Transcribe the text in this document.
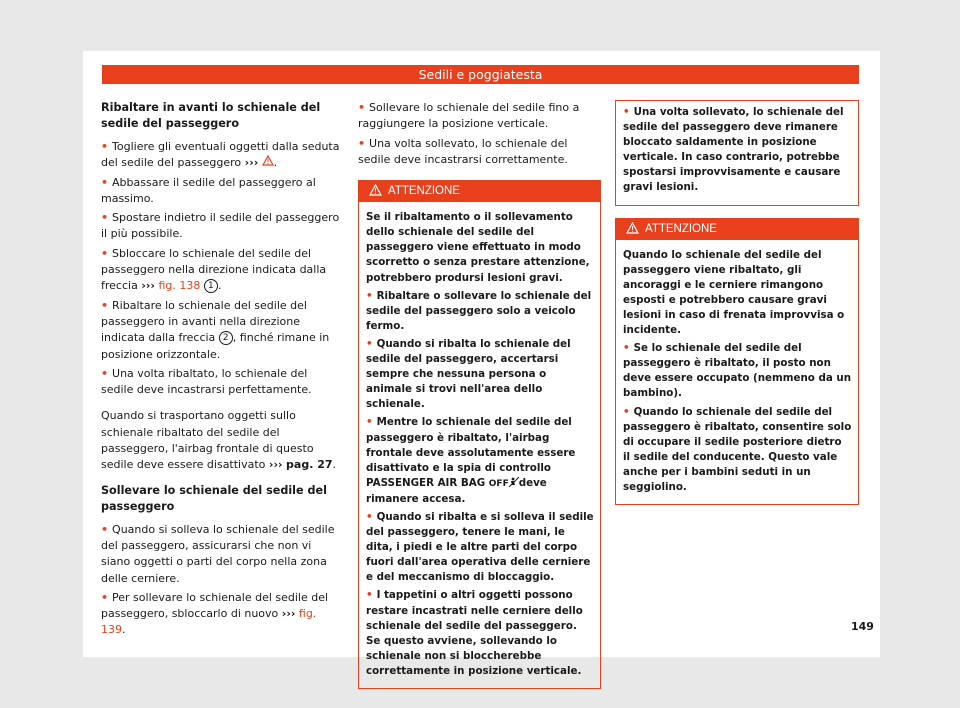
Sedili e poggiatesta
Ribaltare in avanti lo schienale del sedile del passeggero
• Togliere gli eventuali oggetti dalla seduta del sedile del passeggero ››› .
• Abbassare il sedile del passeggero al massimo.
• Spostare indietro il sedile del passeggero il più possibile.
• Sbloccare lo schienale del sedile del passeggero nella direzione indicata dalla freccia ››› fig. 138 1 .
• Ribaltare lo schienale del sedile del passeggero in avanti nella direzione indicata dalla freccia 2 , finché rimane in posizione orizzontale.
• Una volta ribaltato, lo schienale del sedile deve incastrarsi perfettamente.
Quando si trasportano oggetti sullo schienale ribaltato del sedile del passeggero, l'airbag frontale di questo sedile deve essere disattivato ››› pag. 27.
Sollevare lo schienale del sedile del passeggero
• Quando si solleva lo schienale del sedile del passeggero, assicurarsi che non vi siano oggetti o parti del corpo nella zona delle cerniere.
• Per sollevare lo schienale del sedile del passeggero, sbloccarlo di nuovo ››› fig. 139.
• Sollevare lo schienale del sedile fino a raggiungere la posizione verticale.
• Una volta sollevato, lo schienale del sedile deve incastrarsi correttamente.
ATTENZIONE
Se il ribaltamento o il sollevamento dello schienale del sedile del passeggero viene effettuato in modo scorretto o senza prestare attenzione, potrebbero prodursi lesioni gravi.
• Ribaltare o sollevare lo schienale del sedile del passeggero solo a veicolo fermo.
• Quando si ribalta lo schienale del sedile del passeggero, accertarsi sempre che nessuna persona o animale si trovi nell'area dello schienale.
• Mentre lo schienale del sedile del passeggero è ribaltato, l'airbag frontale deve assolutamente essere disattivato e la spia di controllo PASSENGER AIR BAG OFF deve rimanere accesa.
• Quando si ribalta e si solleva il sedile del passeggero, tenere le mani, le dita, i piedi e le altre parti del corpo fuori dall'area operativa delle cerniere e del meccanismo di bloccaggio.
• I tappetini o altri oggetti possono restare incastrati nelle cerniere dello schienale del sedile del passeggero. Se questo avviene, sollevando lo schienale non si bloccherebbe correttamente in posizione verticale.
• Una volta sollevato, lo schienale del sedile del passeggero deve rimanere bloccato saldamente in posizione verticale. In caso contrario, potrebbe spostarsi improvvisamente e causare gravi lesioni.
ATTENZIONE
Quando lo schienale del sedile del passeggero viene ribaltato, gli ancoraggi e le cerniere rimangono esposti e potrebbero causare gravi lesioni in caso di frenata improvvisa o incidente.
• Se lo schienale del sedile del passeggero è ribaltato, il posto non deve essere occupato (nemmeno da un bambino).
• Quando lo schienale del sedile del passeggero è ribaltato, consentire solo di occupare il sedile posteriore dietro il sedile del conducente. Questo vale anche per i bambini seduti in un seggiolino.
149
